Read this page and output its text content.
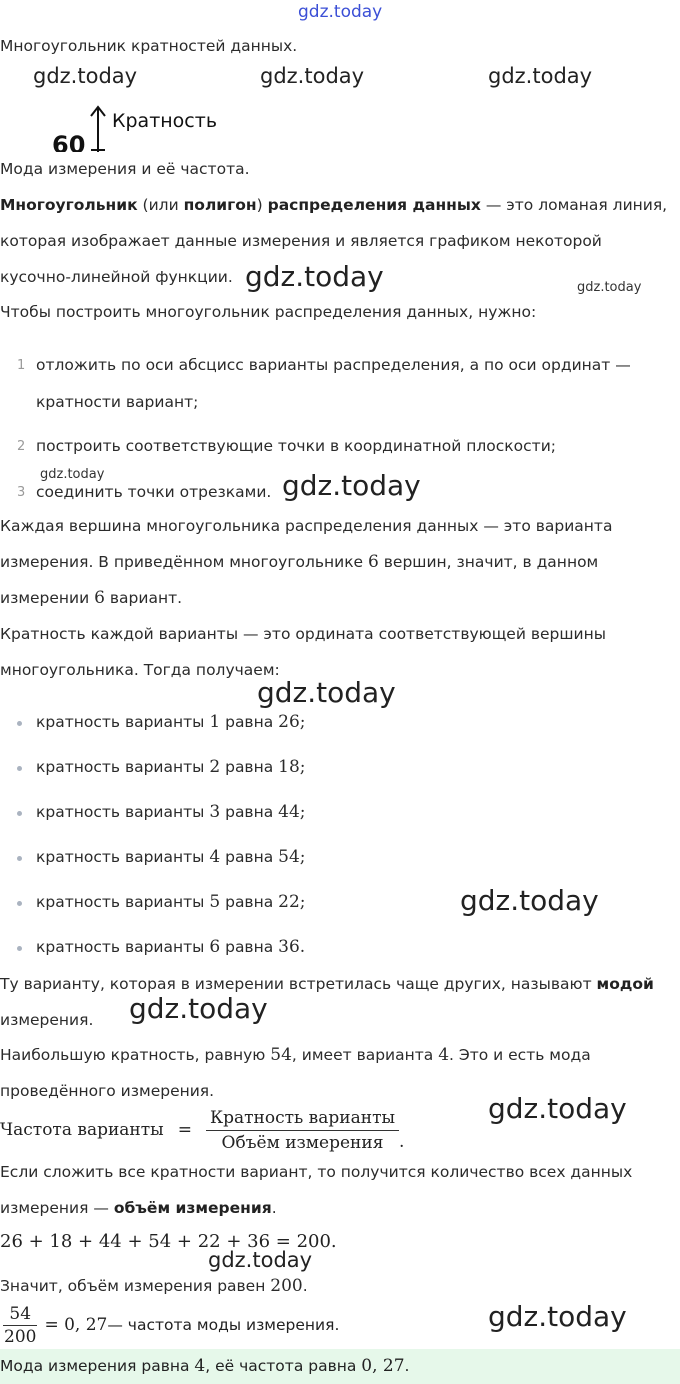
gdz.today
Многоугольник кратностей данных.
gdz.today	gdz.today	gdz.today
Кратность
60
Мода измерения и её частота.
Многоугольник (или полигон) распределения данных — это ломаная линия,
которая изображает данные измерения и является графиком некоторой
кусочно-линейной функции. gdz.today	gdz.today
Чтобы построить многоугольник распределения данных, нужно:
1 отложить по оси абсцисс варианты распределения, а по оси ординат —
кратности вариант;
2 построить соответствующие точки в координатной плоскости;
gdz.today
3 соединить точки отрезками. gdz.today
Каждая вершина многоугольника распределения данных — это варианта
измерения. В приведённом многоугольнике 6 вершин, значит, в данном
измерении 6 вариант.
Кратность каждой варианты — это ордината соответствующей вершины
многоугольника. Тогда получаем:
gdz.today
кратность варианты 1 равна 26;
кратность варианты 2 равна 18;
кратность варианты 3 равна 44;
кратность варианты 4 равна 54;
кратность варианты 5 равна 22;
кратность варианты 6 равна 36.
gdz.today
Ту варианту, которая в измерении встретилась чаще других, называют модой
измерения. gdz.today
Наибольшую кратность, равную 54, имеет варианта 4. Это и есть мода
проведённого измерения.
Частота варианты = $\frac{\text{Кратность варианты}}{\text{Объём измерения}}$ .
gdz.today
Если сложить все кратности вариант, то получится количество всех данных
измерения — объём измерения.
26 + 18 + 44 + 54 + 22 + 36 = 200.
gdz.today
Значит, объём измерения равен 200.
$\frac{54}{200} = 0$, 27 — частота моды измерения.	gdz.today
Мода измерения равна 4, её частота равна 0, 27.
